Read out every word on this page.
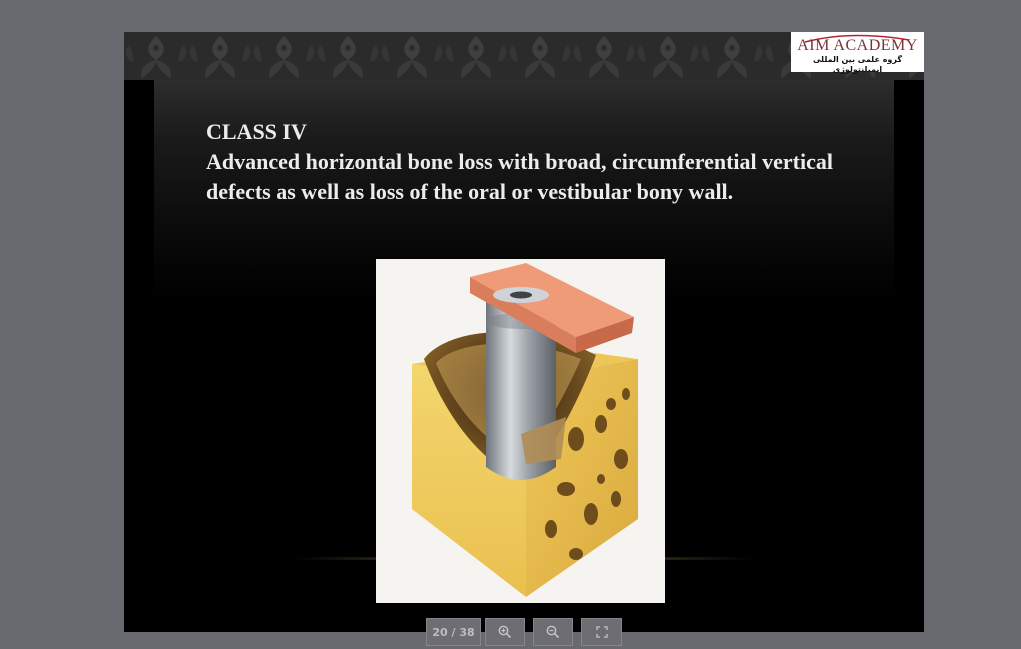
AIM ACADEMY
گروه علمی بین المللی ایمپلنتولوژی
CLASS IV

Advanced horizontal bone loss with broad, circumferential vertical defects as well as loss of the oral or vestibular bony wall.

20 / 38
